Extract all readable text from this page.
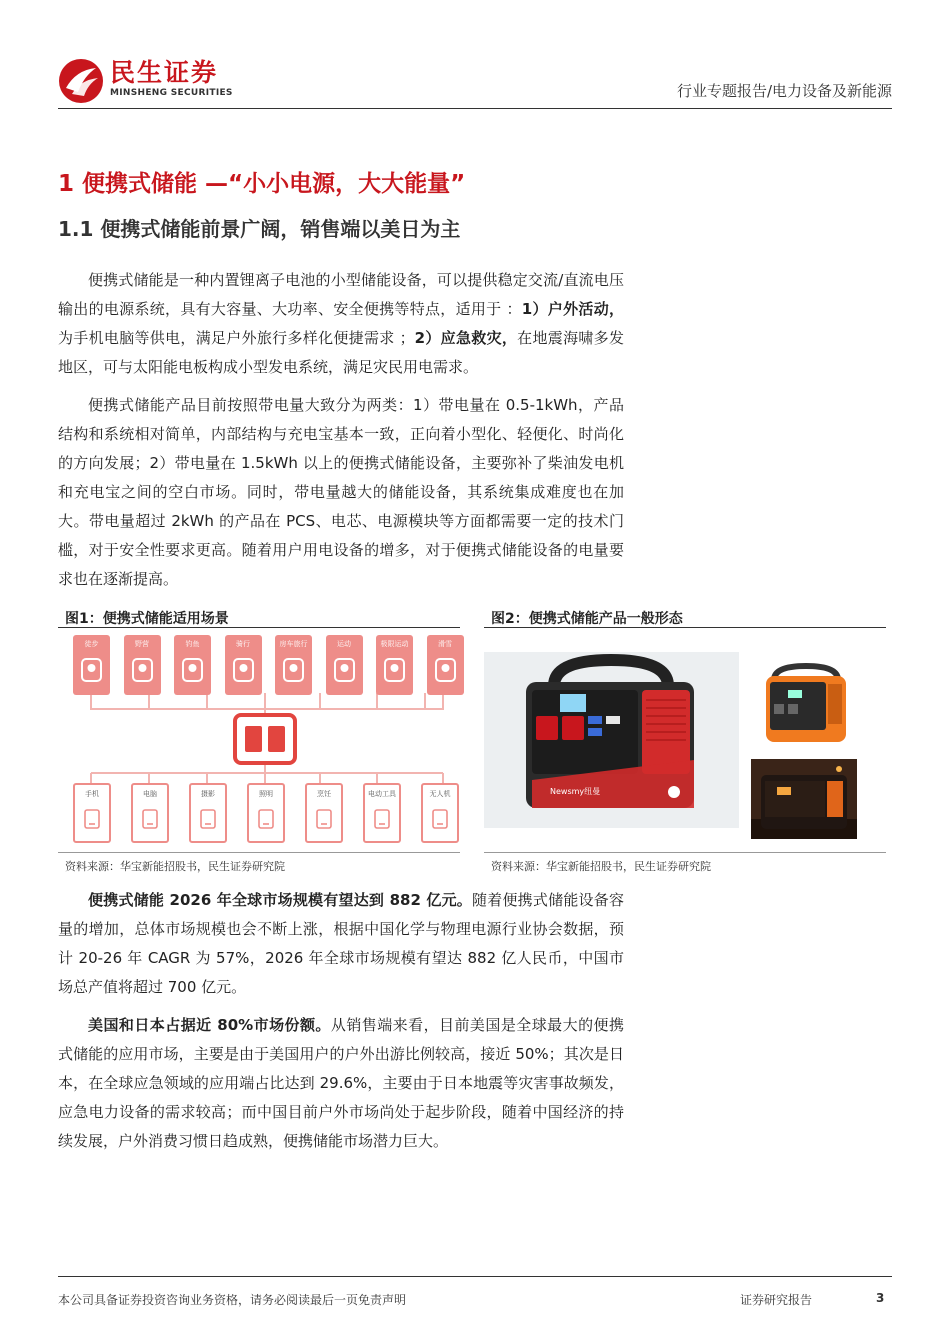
民生证券
MINSHENG SECURITIES	行业专题报告/电力设备及新能源
1 便携式储能 —“小小电源，大大能量”
1.1 便携式储能前景广阔，销售端以美日为主

便携式储能是一种内置锂离子电池的小型储能设备，可以提供稳定交流/直流电压输出的电源系统，具有大容量、大功率、安全便携等特点，适用于 ：1）户外活动，为手机电脑等供电，满足户外旅行多样化便捷需求 ；2）应急救灾，在地震海啸多发地区，可与太阳能电板构成小型发电系统，满足灾民用电需求。

便携式储能产品目前按照带电量大致分为两类：1）带电量在 0.5-1kWh，产品结构和系统相对简单，内部结构与充电宝基本一致，正向着小型化、轻便化、时尚化的方向发展；2）带电量在 1.5kWh 以上的便携式储能设备，主要弥补了柴油发电机和充电宝之间的空白市场。同时，带电量越大的储能设备，其系统集成难度也在加大。带电量超过 2kWh 的产品在 PCS、电芯、电源模块等方面都需要一定的技术门槛，对于安全性要求更高。随着用户用电设备的增多，对于便携式储能设备的电量要求也在逐渐提高。

图1：便携式储能适用场景
徒步	野营	钓鱼	骑行	房车旅行	运动	极限运动	滑雪
手机	电脑	摄影	照明	烹饪	电动工具	无人机
资料来源：华宝新能招股书，民生证券研究院
图2：便携式储能产品一般形态
Newsmy纽曼
资料来源：华宝新能招股书，民生证券研究院

便携式储能 2026 年全球市场规模有望达到 882 亿元。随着便携式储能设备容量的增加，总体市场规模也会不断上涨，根据中国化学与物理电源行业协会数据，预计 20-26 年 CAGR 为 57%，2026 年全球市场规模有望达 882 亿人民币，中国市场总产值将超过 700 亿元。

美国和日本占据近 80%市场份额。从销售端来看，目前美国是全球最大的便携式储能的应用市场，主要是由于美国用户的户外出游比例较高，接近 50%；其次是日本，在全球应急领域的应用端占比达到 29.6%，主要由于日本地震等灾害事故频发，应急电力设备的需求较高；而中国目前户外市场尚处于起步阶段，随着中国经济的持续发展，户外消费习惯日趋成熟，便携储能市场潜力巨大。

本公司具备证券投资咨询业务资格，请务必阅读最后一页免责声明	证券研究报告	3
